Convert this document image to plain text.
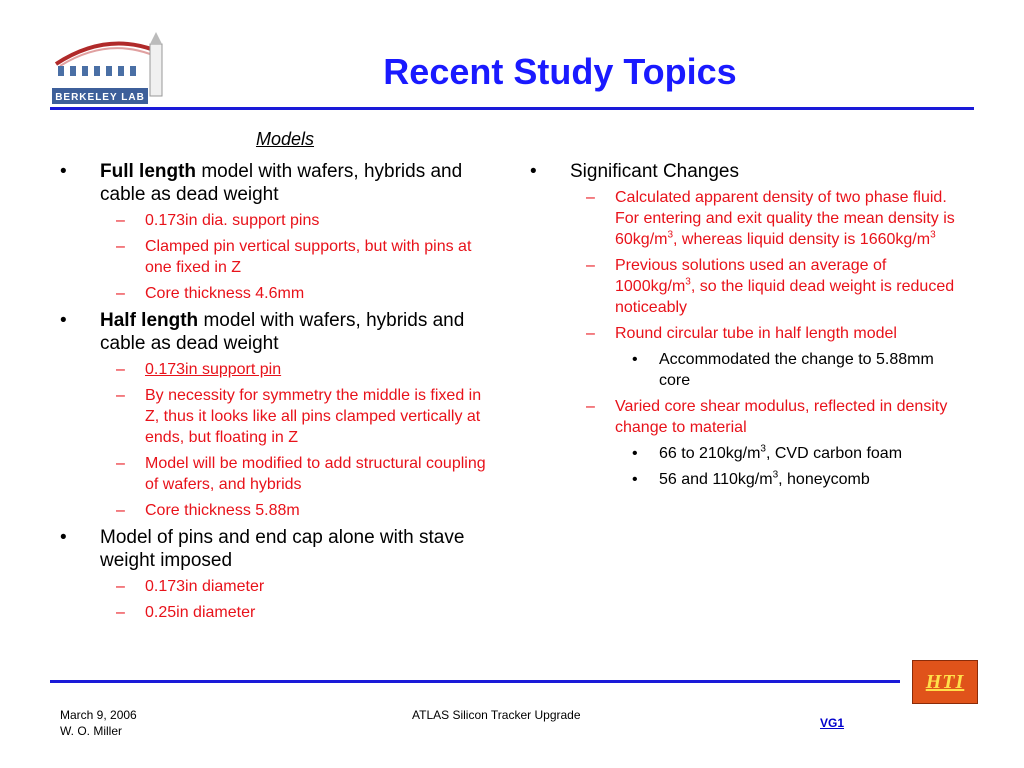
BERKELEY LAB
Recent Study Topics
Models
• Full length model with wafers, hybrids and cable as dead weight
– 0.173in dia. support pins
– Clamped pin vertical supports, but with pins at one fixed in Z
– Core thickness 4.6mm
• Half length model with wafers, hybrids and cable as dead weight
– 0.173in support pin
– By necessity for symmetry the middle is fixed in Z, thus it looks like all pins clamped vertically at ends, but floating in Z
– Model will be modified to add structural coupling of wafers, and hybrids
– Core thickness 5.88m
• Model of pins and end cap alone with stave weight imposed
– 0.173in diameter
– 0.25in diameter
• Significant Changes
– Calculated apparent density of two phase fluid. For entering and exit quality the mean density is $60kg/m^3$, whereas liquid density is $1660kg/m^3$
– Previous solutions used an average of $1000kg/m^3$, so the liquid dead weight is reduced noticeably
– Round circular tube in half length model
• Accommodated the change to 5.88mm core
– Varied core shear modulus, reflected in density change to material
• 66 to $210kg/m^3$, CVD carbon foam
• 56 and $110kg/m^3$, honeycomb
HTI
March 9, 2006
W. O. Miller
ATLAS Silicon Tracker Upgrade
VG1
